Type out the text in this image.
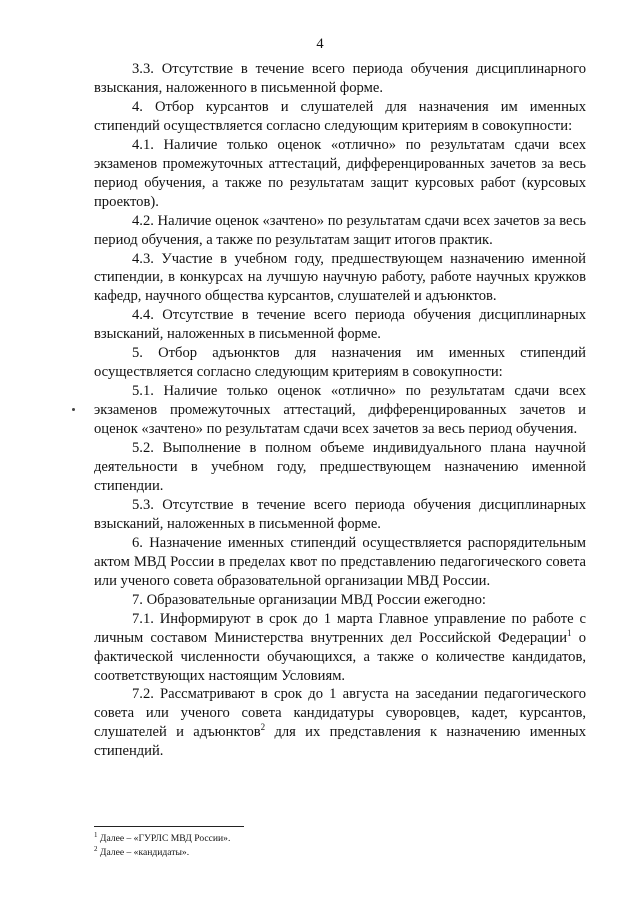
4

3.3. Отсутствие в течение всего периода обучения дисциплинарного взыскания, наложенного в письменной форме.

4. Отбор курсантов и слушателей для назначения им именных стипендий осуществляется согласно следующим критериям в совокупности:

4.1. Наличие только оценок «отлично» по результатам сдачи всех экзаменов промежуточных аттестаций, дифференцированных зачетов за весь период обучения, а также по результатам защит курсовых работ (курсовых проектов).

4.2. Наличие оценок «зачтено» по результатам сдачи всех зачетов за весь период обучения, а также по результатам защит итогов практик.

4.3. Участие в учебном году, предшествующем назначению именной стипендии, в конкурсах на лучшую научную работу, работе научных кружков кафедр, научного общества курсантов, слушателей и адъюнктов.

4.4. Отсутствие в течение всего периода обучения дисциплинарных взысканий, наложенных в письменной форме.

5. Отбор адъюнктов для назначения им именных стипендий осуществляется согласно следующим критериям в совокупности:

5.1. Наличие только оценок «отлично» по результатам сдачи всех экзаменов промежуточных аттестаций, дифференцированных зачетов и оценок «зачтено» по результатам сдачи всех зачетов за весь период обучения.

5.2. Выполнение в полном объеме индивидуального плана научной деятельности в учебном году, предшествующем назначению именной стипендии.

5.3. Отсутствие в течение всего периода обучения дисциплинарных взысканий, наложенных в письменной форме.

6. Назначение именных стипендий осуществляется распорядительным актом МВД России в пределах квот по представлению педагогического совета или ученого совета образовательной организации МВД России.

7. Образовательные организации МВД России ежегодно:

7.1. Информируют в срок до 1 марта Главное управление по работе с личным составом Министерства внутренних дел Российской Федерации$^1$ о фактической численности обучающихся, а также о количестве кандидатов, соответствующих настоящим Условиям.

7.2. Рассматривают в срок до 1 августа на заседании педагогического совета или ученого совета кандидатуры суворовцев, кадет, курсантов, слушателей и адъюнктов$^2$ для их представления к назначению именных стипендий.

$^1$ Далее – «ГУРЛС МВД России».
$^2$ Далее – «кандидаты».
